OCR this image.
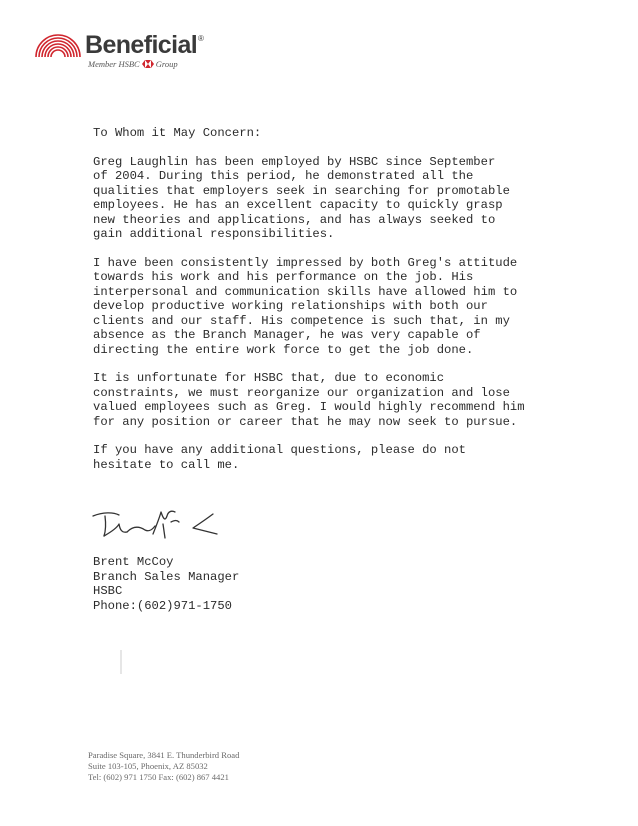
Beneficial ®
Member HSBC Group
To Whom it May Concern:
Greg Laughlin has been employed by HSBC since September
of 2004. During this period, he demonstrated all the
qualities that employers seek in searching for promotable
employees. He has an excellent capacity to quickly grasp
new theories and applications, and has always seeked to
gain additional responsibilities.
I have been consistently impressed by both Greg's attitude
towards his work and his performance on the job. His
interpersonal and communication skills have allowed him to
develop productive working relationships with both our
clients and our staff. His competence is such that, in my
absence as the Branch Manager, he was very capable of
directing the entire work force to get the job done.
It is unfortunate for HSBC that, due to economic
constraints, we must reorganize our organization and lose
valued employees such as Greg. I would highly recommend him
for any position or career that he may now seek to pursue.
If you have any additional questions, please do not
hesitate to call me.
Brent McCoy
Branch Sales Manager
HSBC
Phone:(602)971-1750
Paradise Square, 3841 E. Thunderbird Road
Suite 103-105, Phoenix, AZ 85032
Tel: (602) 971 1750 Fax: (602) 867 4421
